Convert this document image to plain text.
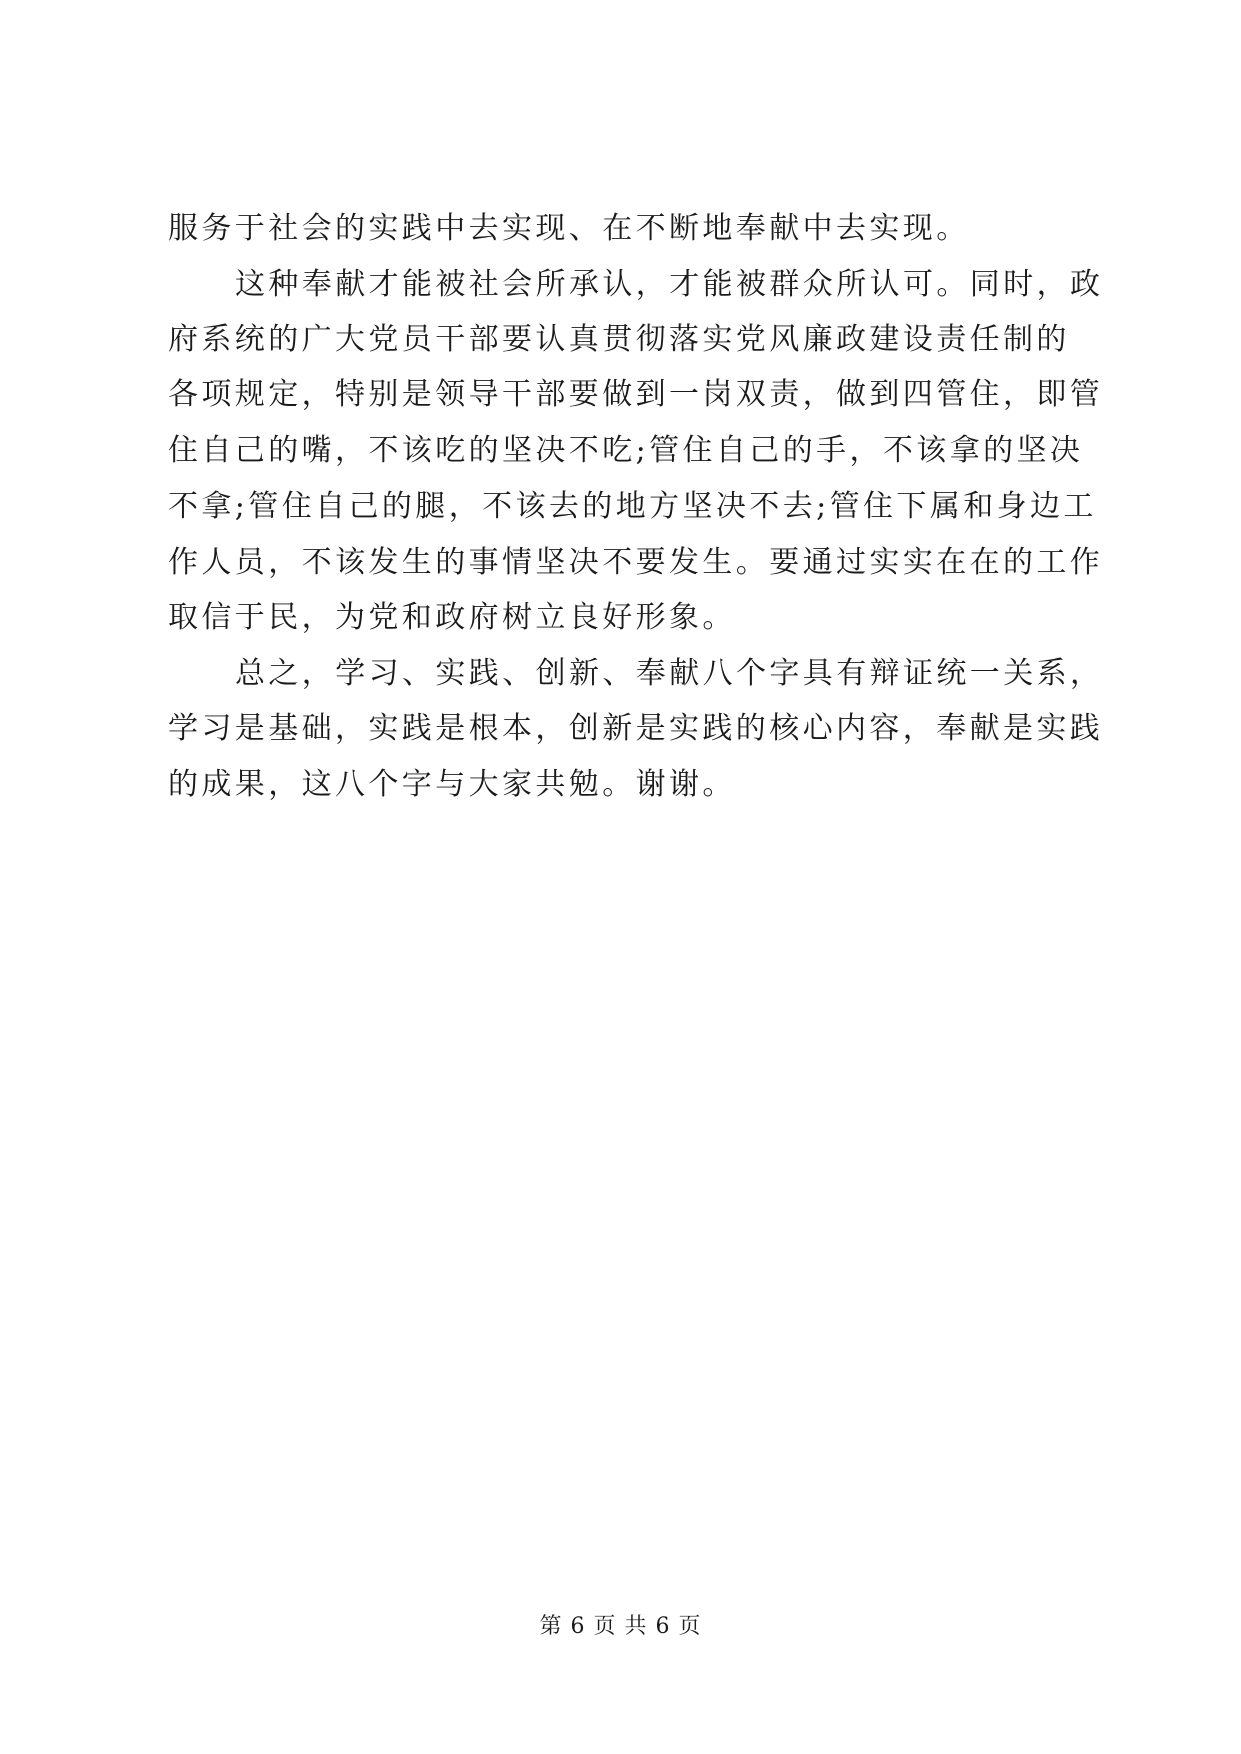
服务于社会的实践中去实现、在不断地奉献中去实现。
这种奉献才能被社会所承认，才能被群众所认可。同时，政
府系统的广大党员干部要认真贯彻落实党风廉政建设责任制的
各项规定，特别是领导干部要做到一岗双责，做到四管住，即管
住自己的嘴，不该吃的坚决不吃;管住自己的手，不该拿的坚决
不拿;管住自己的腿，不该去的地方坚决不去;管住下属和身边工
作人员，不该发生的事情坚决不要发生。要通过实实在在的工作
取信于民，为党和政府树立良好形象。
总之，学习、实践、创新、奉献八个字具有辩证统一关系，
学习是基础，实践是根本，创新是实践的核心内容，奉献是实践
的成果，这八个字与大家共勉。谢谢。
第 6 页 共 6 页
